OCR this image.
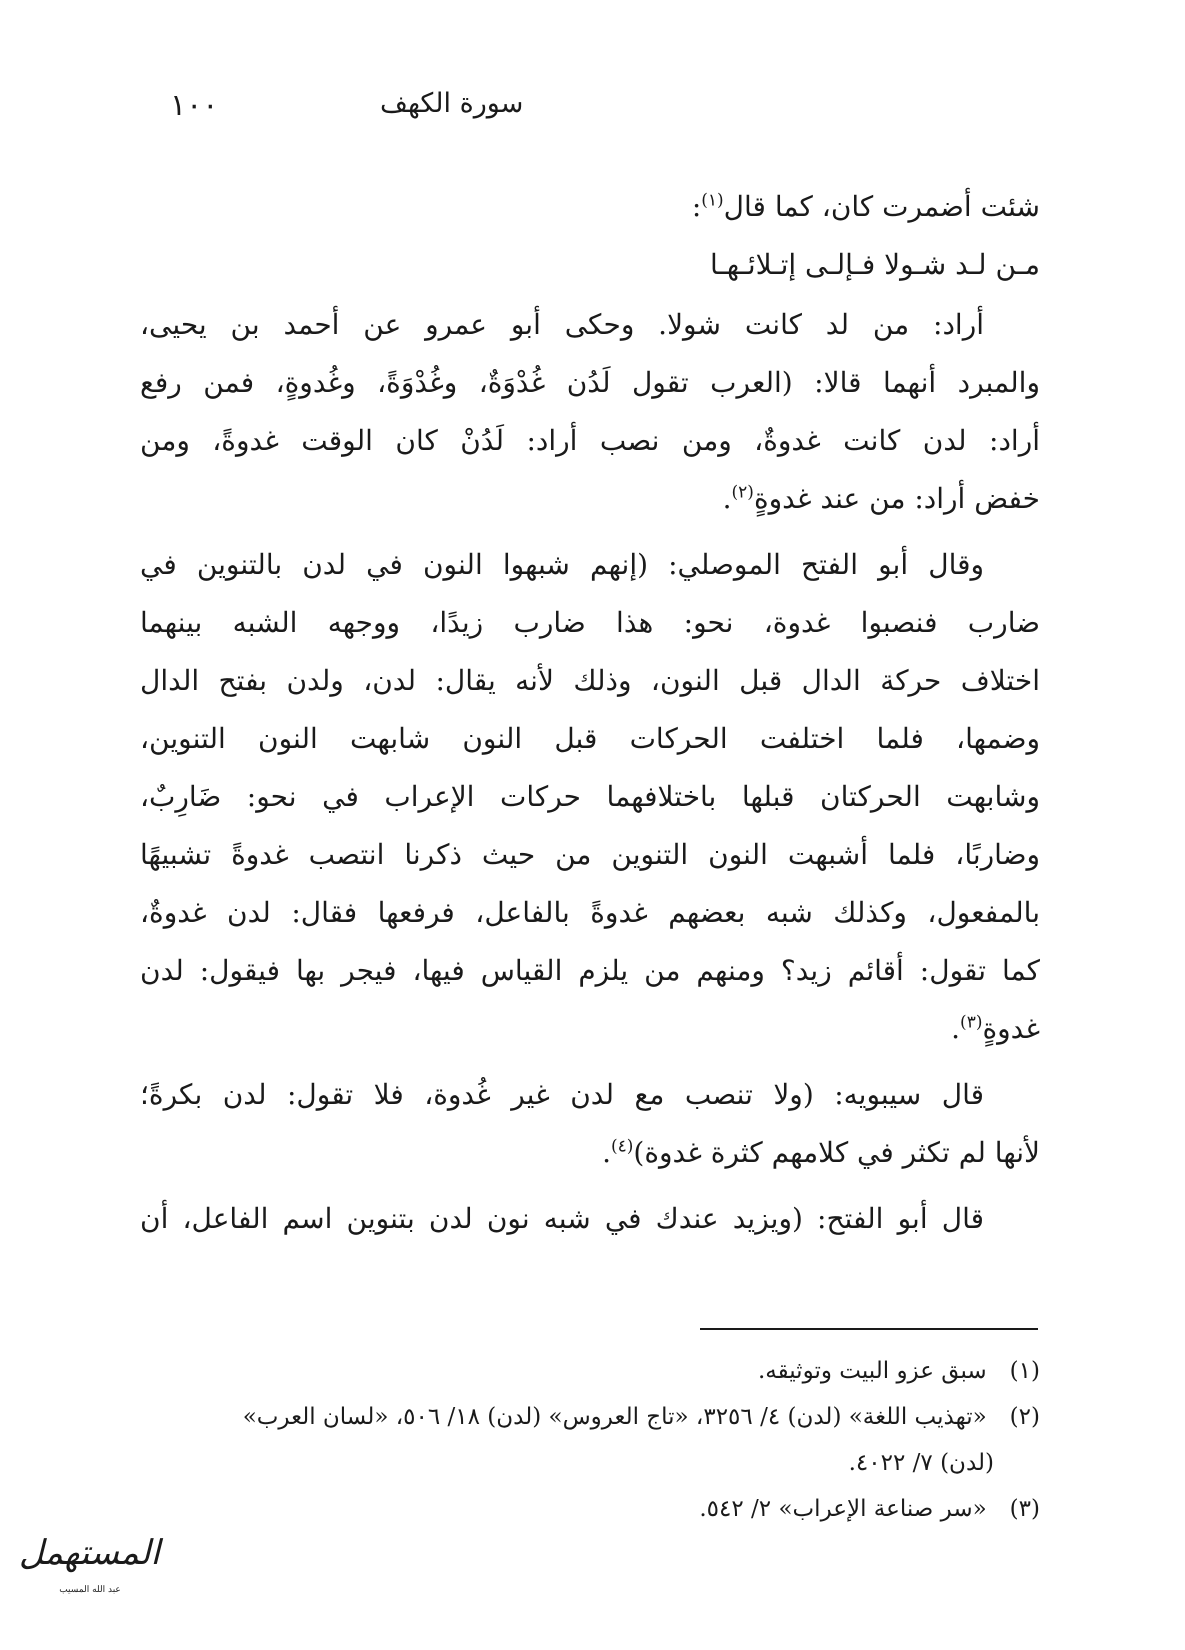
١٠٠	سورة الكهف
شئت أضمرت كان، كما قال$^{(١)}$:
مـن لـد شـولا فـإلـى إتـلائـهـا
أراد: من لد كانت شولا. وحكى أبو عمرو عن أحمد بن يحيى،
والمبرد أنهما قالا: (العرب تقول لَدُن غُدْوَةٌ، وغُدْوَةً، وغُدوةٍ، فمن رفع
أراد: لدن كانت غدوةٌ، ومن نصب أراد: لَدُنْ كان الوقت غدوةً، ومن
خفض أراد: من عند غدوةٍ$^{(٢)}$.
وقال أبو الفتح الموصلي: (إنهم شبهوا النون في لدن بالتنوين في
ضارب فنصبوا غدوة، نحو: هذا ضارب زيدًا، ووجهه الشبه بينهما
اختلاف حركة الدال قبل النون، وذلك لأنه يقال: لدن، ولدن بفتح الدال
وضمها، فلما اختلفت الحركات قبل النون شابهت النون التنوين،
وشابهت الحركتان قبلها باختلافهما حركات الإعراب في نحو: ضَارِبٌ،
وضاربًا، فلما أشبهت النون التنوين من حيث ذكرنا انتصب غدوةً تشبيهًا
بالمفعول، وكذلك شبه بعضهم غدوةً بالفاعل، فرفعها فقال: لدن غدوةٌ،
كما تقول: أقائم زيد؟ ومنهم من يلزم القياس فيها، فيجر بها فيقول: لدن
غدوةٍ$^{(٣)}$.
قال سيبويه: (ولا تنصب مع لدن غير غُدوة، فلا تقول: لدن بكرةً؛
لأنها لم تكثر في كلامهم كثرة غدوة)$^{(٤)}$.
قال أبو الفتح: (ويزيد عندك في شبه نون لدن بتنوين اسم الفاعل، أن
(١) سبق عزو البيت وتوثيقه.
(٢) «تهذيب اللغة» (لدن) ٤/ ٣٢٥٦، «تاج العروس» (لدن) ١٨/ ٥٠٦، «لسان العرب»
(لدن) ٧/ ٤٠٢٢.
(٣) «سر صناعة الإعراب» ٢/ ٥٤٢.
المستهمل
عبد الله المسيب
